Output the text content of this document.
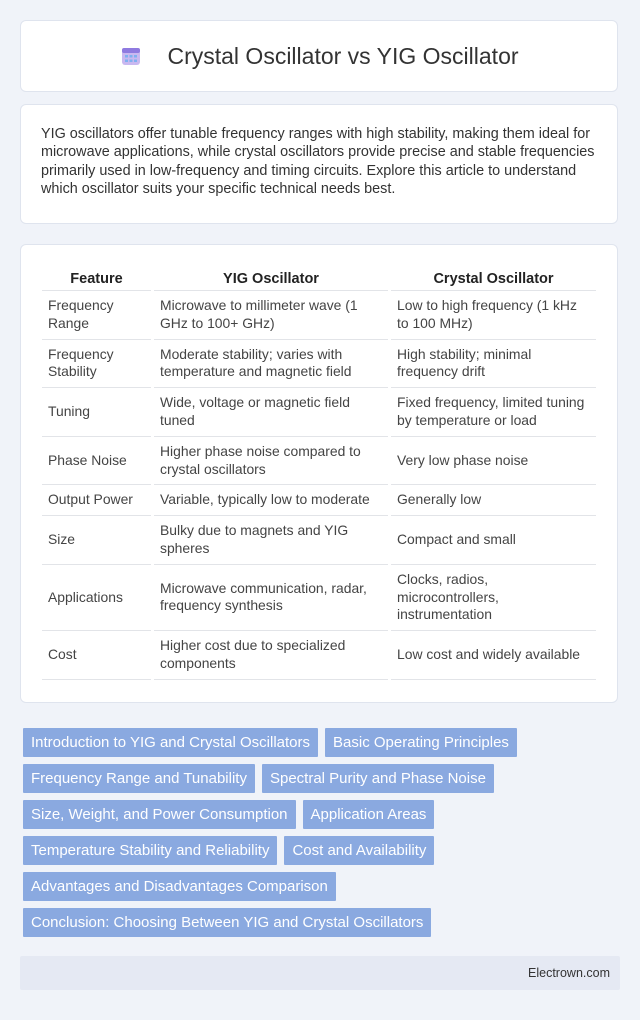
Crystal Oscillator vs YIG Oscillator

YIG oscillators offer tunable frequency ranges with high stability, making them ideal for microwave applications, while crystal oscillators provide precise and stable frequencies primarily used in low-frequency and timing circuits. Explore this article to understand which oscillator suits your specific technical needs best.

Feature	YIG Oscillator	Crystal Oscillator
Frequency Range	Microwave to millimeter wave (1 GHz to 100+ GHz)	Low to high frequency (1 kHz to 100 MHz)
Frequency Stability	Moderate stability; varies with temperature and magnetic field	High stability; minimal frequency drift
Tuning	Wide, voltage or magnetic field tuned	Fixed frequency, limited tuning by temperature or load
Phase Noise	Higher phase noise compared to crystal oscillators	Very low phase noise
Output Power	Variable, typically low to moderate	Generally low
Size	Bulky due to magnets and YIG spheres	Compact and small
Applications	Microwave communication, radar, frequency synthesis	Clocks, radios, microcontrollers, instrumentation
Cost	Higher cost due to specialized components	Low cost and widely available
Introduction to YIG and Crystal Oscillators	Basic Operating Principles
Frequency Range and Tunability	Spectral Purity and Phase Noise
Size, Weight, and Power Consumption	Application Areas
Temperature Stability and Reliability	Cost and Availability
Advantages and Disadvantages Comparison
Conclusion: Choosing Between YIG and Crystal Oscillators
Electrown.com
